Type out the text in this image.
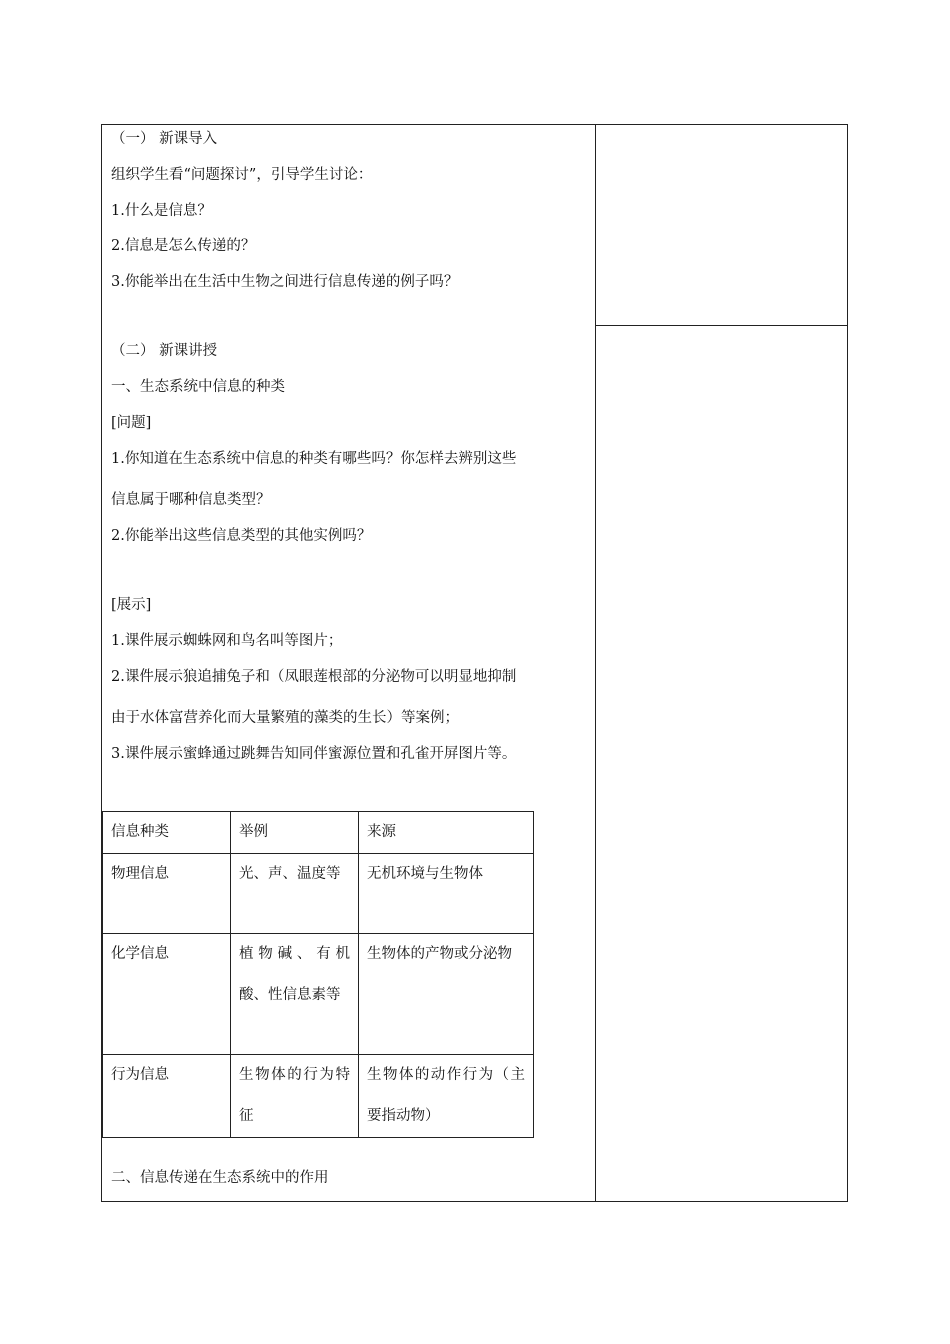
（一） 新课导入
组织学生看“问题探讨”，引导学生讨论：
1.什么是信息？
2.信息是怎么传递的？
3.你能举出在生活中生物之间进行信息传递的例子吗？
（二） 新课讲授
一、生态系统中信息的种类
[问题]
1.你知道在生态系统中信息的种类有哪些吗？你怎样去辨别这些
信息属于哪种信息类型？
2.你能举出这些信息类型的其他实例吗？
[展示]
1.课件展示蜘蛛网和鸟名叫等图片；
2.课件展示狼追捕兔子和（凤眼莲根部的分泌物可以明显地抑制
由于水体富营养化而大量繁殖的藻类的生长）等案例；
3.课件展示蜜蜂通过跳舞告知同伴蜜源位置和孔雀开屏图片等。
信息种类	举例	来源
物理信息	光、声、温度等	无机环境与生物体
化学信息	植物碱、有机酸、性信息素等	生物体的产物或分泌物
行为信息	生物体的行为特征	生物体的动作行为（主要指动物）
二、信息传递在生态系统中的作用
